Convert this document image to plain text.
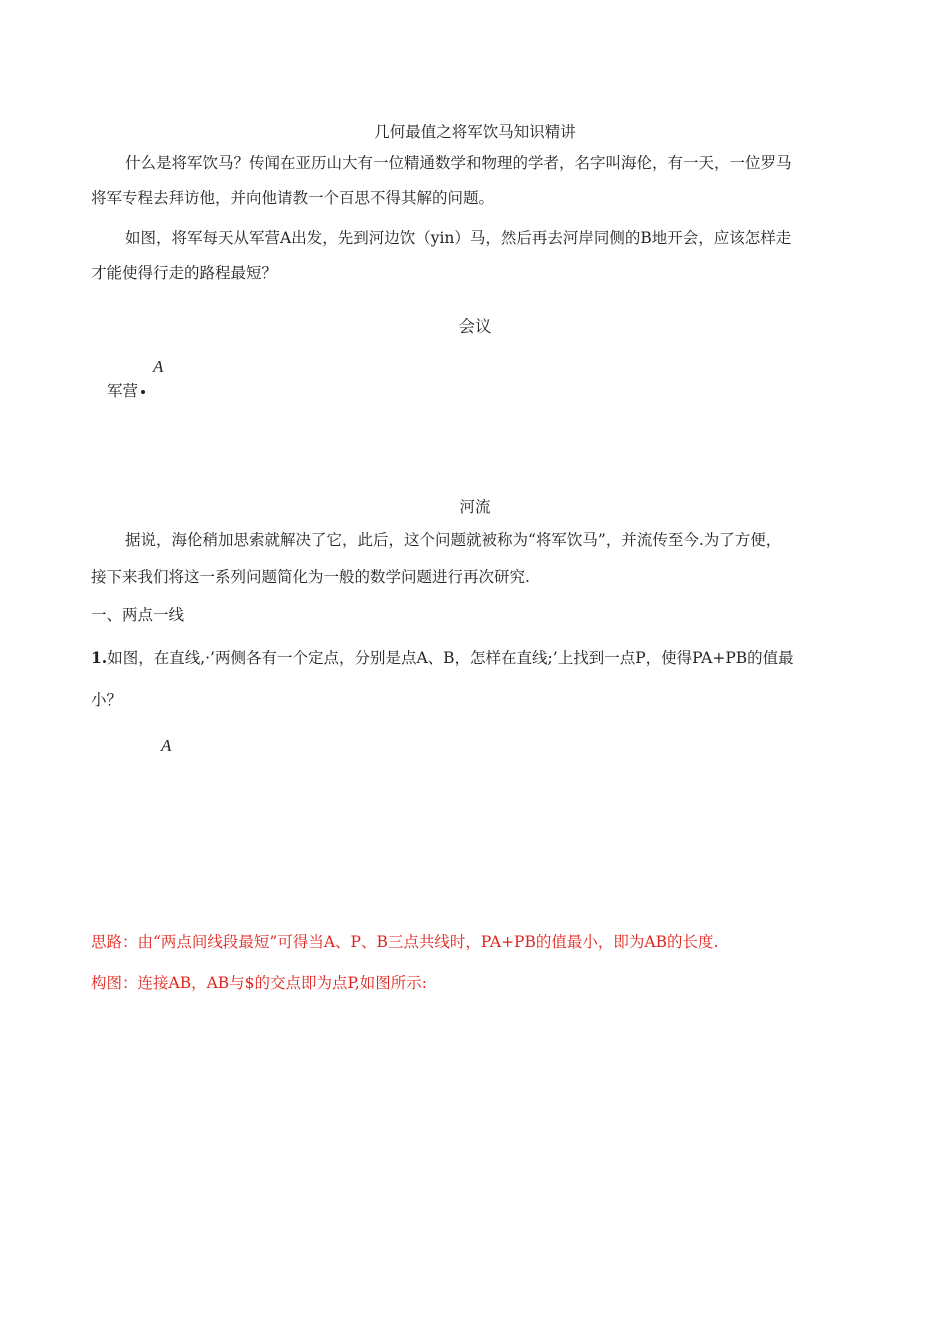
几何最值之将军饮马知识精讲
什么是将军饮马？传闻在亚历山大有一位精通数学和物理的学者，名字叫海伦，有一天，一位罗马
将军专程去拜访他，并向他请教一个百思不得其解的问题。
如图，将军每天从军营A出发，先到河边饮（yin）马，然后再去河岸同侧的B地开会，应该怎样走
才能使得行走的路程最短？
会议
A
军营
河流
据说，海伦稍加思索就解决了它，此后，这个问题就被称为“将军饮马”，并流传至今.为了方便，
接下来我们将这一系列问题简化为一般的数学问题进行再次研究.
一、两点一线
1.如图，在直线,·’两侧各有一个定点，分别是点A、B，怎样在直线;’上找到一点P，使得PA+PB的值最
小？
A
思路：由“两点间线段最短”可得当A、P、B三点共线时，PA+PB的值最小，即为AB的长度.
构图：连接AB，AB与$的交点即为点P,如图所示:
